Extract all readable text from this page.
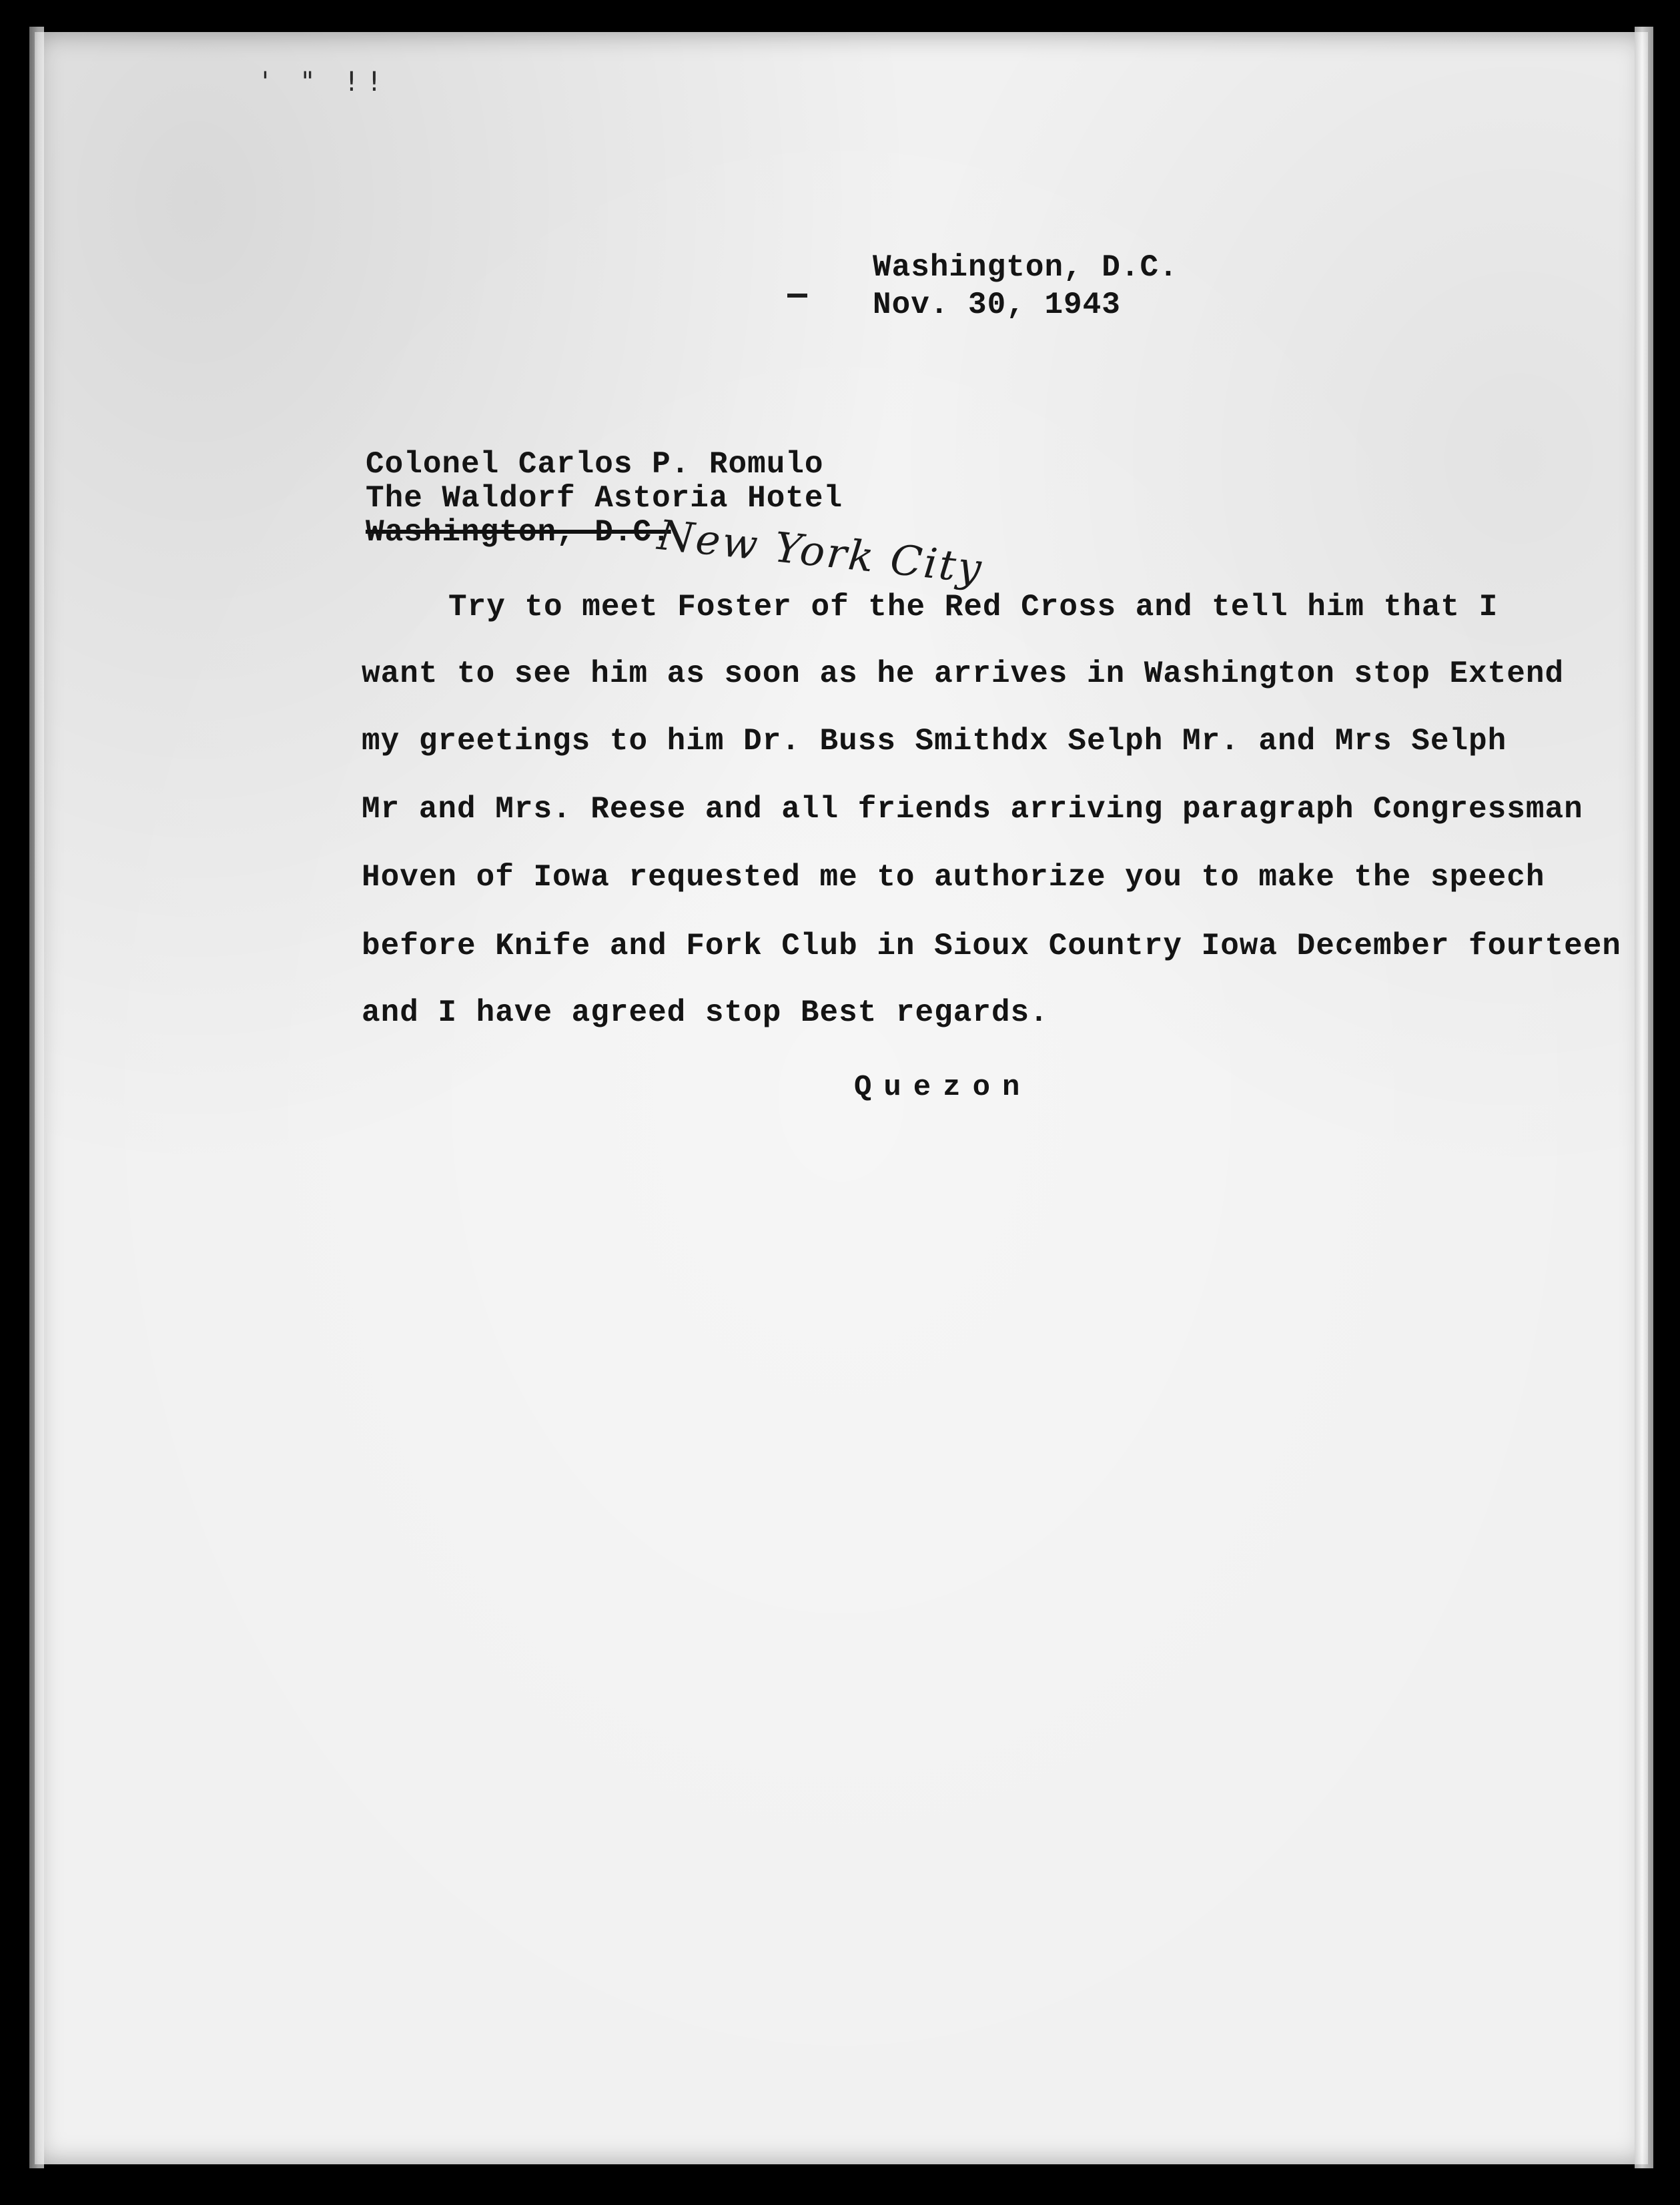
' " !!
Washington, D.C.
Nov. 30, 1943
Colonel Carlos P. Romulo
The Waldorf Astoria Hotel
Washington, D.C.
New York City
Try to meet Foster of the Red Cross and tell him that I
want to see him as soon as he arrives in Washington stop Extend
my greetings to him Dr. Buss Smithdx Selph Mr. and Mrs Selph
Mr and Mrs. Reese and all friends arriving paragraph Congressman
Hoven of Iowa requested me to authorize you to make the speech
before Knife and Fork Club in Sioux Country Iowa December fourteen
and I have agreed stop Best regards.
Quezon
